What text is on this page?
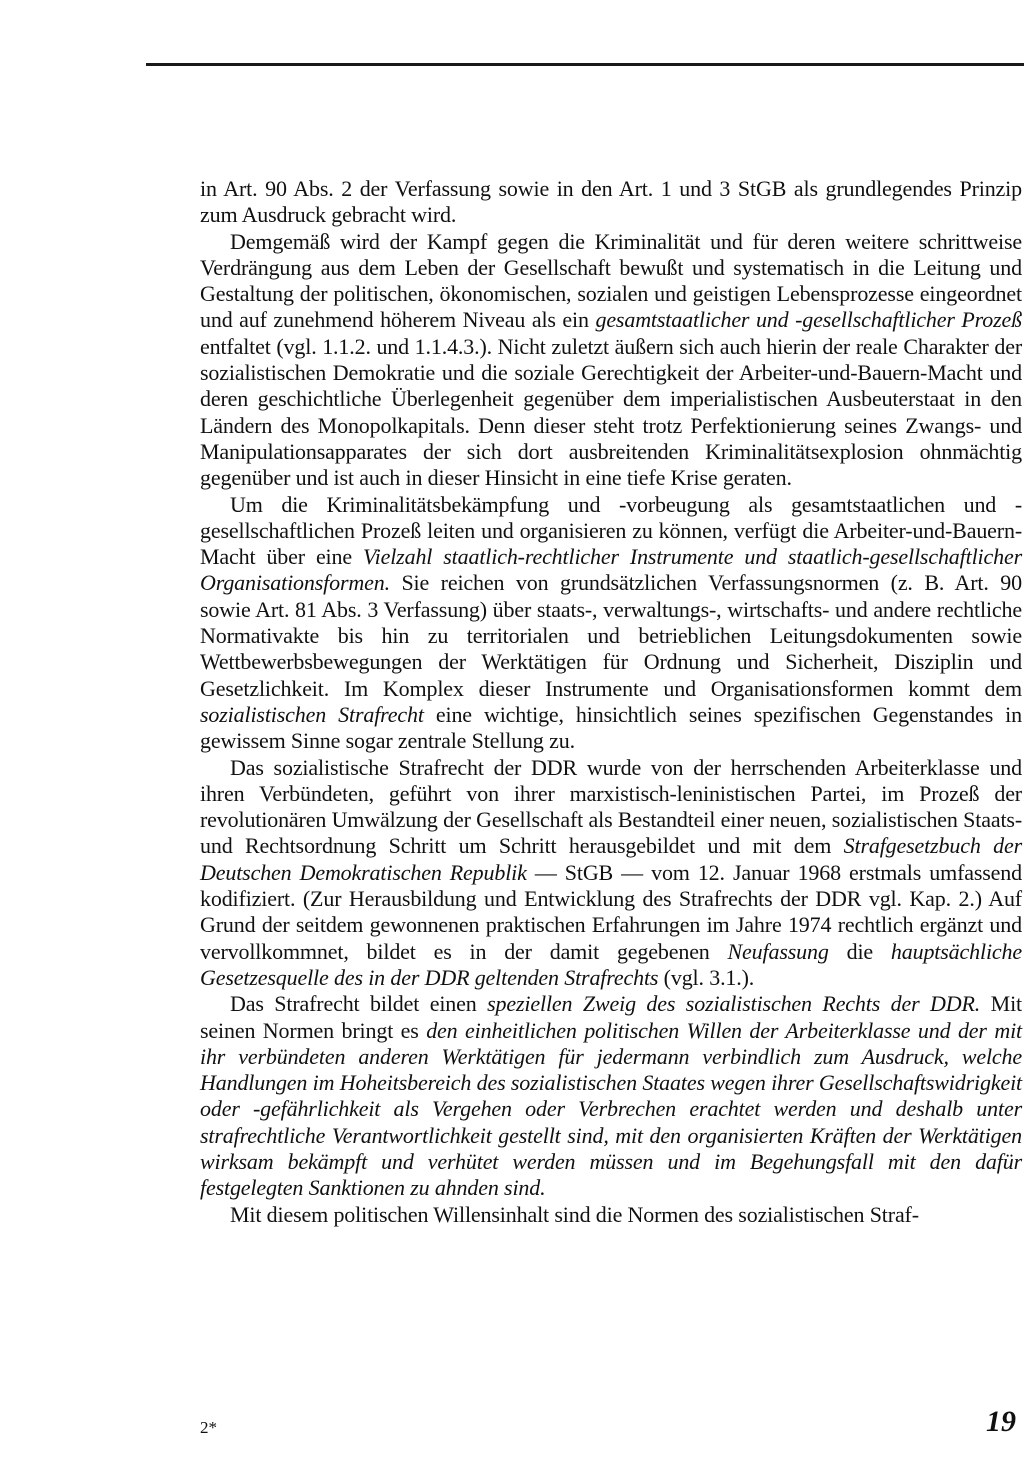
in Art. 90 Abs. 2 der Verfassung sowie in den Art. 1 und 3 StGB als grundlegendes Prinzip zum Ausdruck gebracht wird.

Demgemäß wird der Kampf gegen die Kriminalität und für deren weitere schrittweise Verdrängung aus dem Leben der Gesellschaft bewußt und systematisch in die Leitung und Gestaltung der politischen, ökonomischen, sozialen und geistigen Lebensprozesse eingeordnet und auf zunehmend höherem Niveau als ein gesamtstaatlicher und -gesellschaftlicher Prozeß entfaltet (vgl. 1.1.2. und 1.1.4.3.). Nicht zuletzt äußern sich auch hierin der reale Charakter der sozialistischen Demokratie und die soziale Gerechtigkeit der Arbeiter-und-Bauern-Macht und deren geschichtliche Überlegenheit gegenüber dem imperialistischen Ausbeuterstaat in den Ländern des Monopolkapitals. Denn dieser steht trotz Perfektionierung seines Zwangs- und Manipulationsapparates der sich dort ausbreitenden Kriminalitätsexplosion ohnmächtig gegenüber und ist auch in dieser Hinsicht in eine tiefe Krise geraten.

Um die Kriminalitätsbekämpfung und -vorbeugung als gesamtstaatlichen und -gesellschaftlichen Prozeß leiten und organisieren zu können, verfügt die Arbeiter-und-Bauern-Macht über eine Vielzahl staatlich-rechtlicher Instrumente und staatlich-gesellschaftlicher Organisationsformen. Sie reichen von grundsätzlichen Verfassungsnormen (z. B. Art. 90 sowie Art. 81 Abs. 3 Verfassung) über staats-, verwaltungs-, wirtschafts- und andere rechtliche Normativakte bis hin zu territorialen und betrieblichen Leitungsdokumenten sowie Wettbewerbsbewegungen der Werktätigen für Ordnung und Sicherheit, Disziplin und Gesetzlichkeit. Im Komplex dieser Instrumente und Organisationsformen kommt dem sozialistischen Strafrecht eine wichtige, hinsichtlich seines spezifischen Gegenstandes in gewissem Sinne sogar zentrale Stellung zu.

Das sozialistische Strafrecht der DDR wurde von der herrschenden Arbeiterklasse und ihren Verbündeten, geführt von ihrer marxistisch-leninistischen Partei, im Prozeß der revolutionären Umwälzung der Gesellschaft als Bestandteil einer neuen, sozialistischen Staats- und Rechtsordnung Schritt um Schritt herausgebildet und mit dem Strafgesetzbuch der Deutschen Demokratischen Republik — StGB — vom 12. Januar 1968 erstmals umfassend kodifiziert. (Zur Herausbildung und Entwicklung des Strafrechts der DDR vgl. Kap. 2.) Auf Grund der seitdem gewonnenen praktischen Erfahrungen im Jahre 1974 rechtlich ergänzt und vervollkommnet, bildet es in der damit gegebenen Neufassung die hauptsächliche Gesetzesquelle des in der DDR geltenden Strafrechts (vgl. 3.1.).

Das Strafrecht bildet einen speziellen Zweig des sozialistischen Rechts der DDR. Mit seinen Normen bringt es den einheitlichen politischen Willen der Arbeiterklasse und der mit ihr verbündeten anderen Werktätigen für jedermann verbindlich zum Ausdruck, welche Handlungen im Hoheitsbereich des sozialistischen Staates wegen ihrer Gesellschaftswidrigkeit oder -gefährlichkeit als Vergehen oder Verbrechen erachtet werden und deshalb unter strafrechtliche Verantwortlichkeit gestellt sind, mit den organisierten Kräften der Werktätigen wirksam bekämpft und verhütet werden müssen und im Begehungsfall mit den dafür festgelegten Sanktionen zu ahnden sind.

Mit diesem politischen Willensinhalt sind die Normen des sozialistischen Straf-

2*	19
